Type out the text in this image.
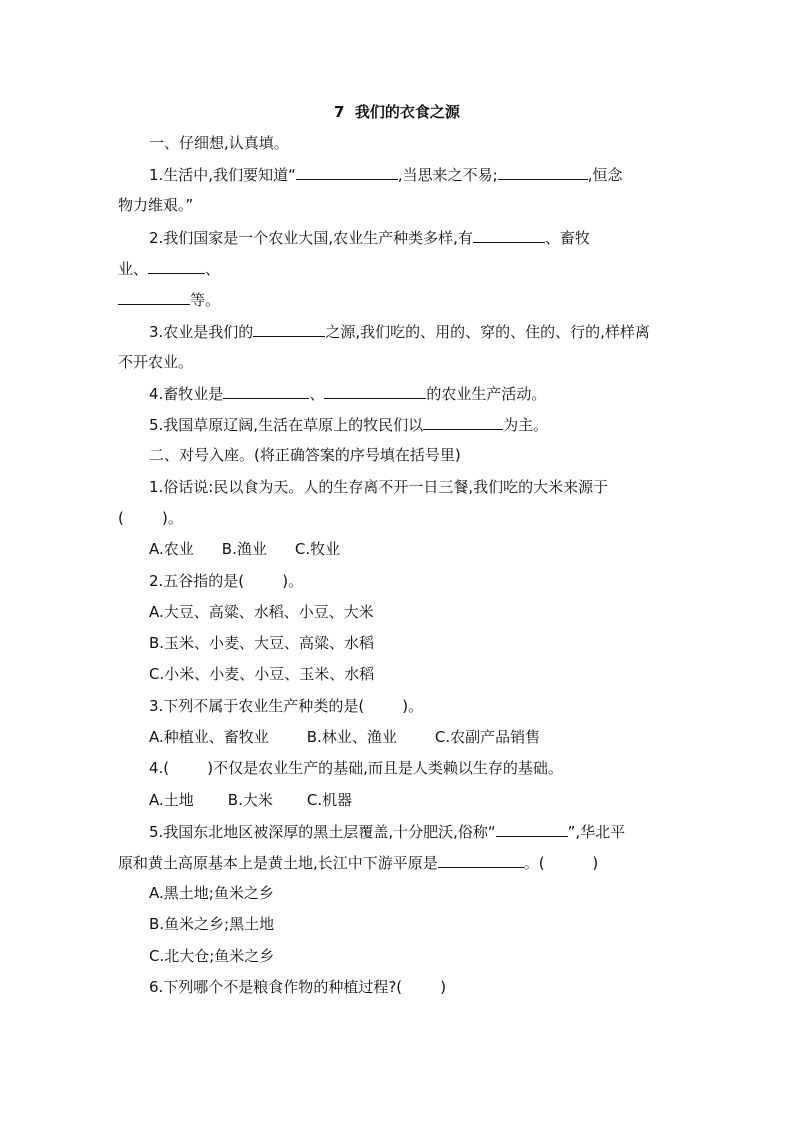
7  我们的衣食之源
一、仔细想,认真填。
1.生活中,我们要知道“	,当思来之不易;	,恒念
物力维艰。”
2.我们国家是一个农业大国,农业生产种类多样,有	、畜牧
业、	、
等。
3.农业是我们的	之源,我们吃的、用的、穿的、住的、行的,样样离
不开农业。
4.畜牧业是	、	的农业生产活动。
5.我国草原辽阔,生活在草原上的牧民们以	为主。
二、对号入座。(将正确答案的序号填在括号里)
1.俗话说:民以食为天。人的生存离不开一日三餐,我们吃的大米来源于
(        )。
A.农业 B.渔业 C.牧业
2.五谷指的是(        )。
A.大豆、高粱、水稻、小豆、大米
B.玉米、小麦、大豆、高粱、水稻
C.小米、小麦、小豆、玉米、水稻
3.下列不属于农业生产种类的是(        )。
A.种植业、畜牧业	B.林业、渔业	C.农副产品销售
4.(        )不仅是农业生产的基础,而且是人类赖以生存的基础。
A.土地 B.大米 C.机器
5.我国东北地区被深厚的黑土层覆盖,十分肥沃,俗称“	”,华北平
原和黄土高原基本上是黄土地,长江中下游平原是	。(          )
A.黑土地;鱼米之乡
B.鱼米之乡;黑土地
C.北大仓;鱼米之乡
6.下列哪个不是粮食作物的种植过程?(        )
